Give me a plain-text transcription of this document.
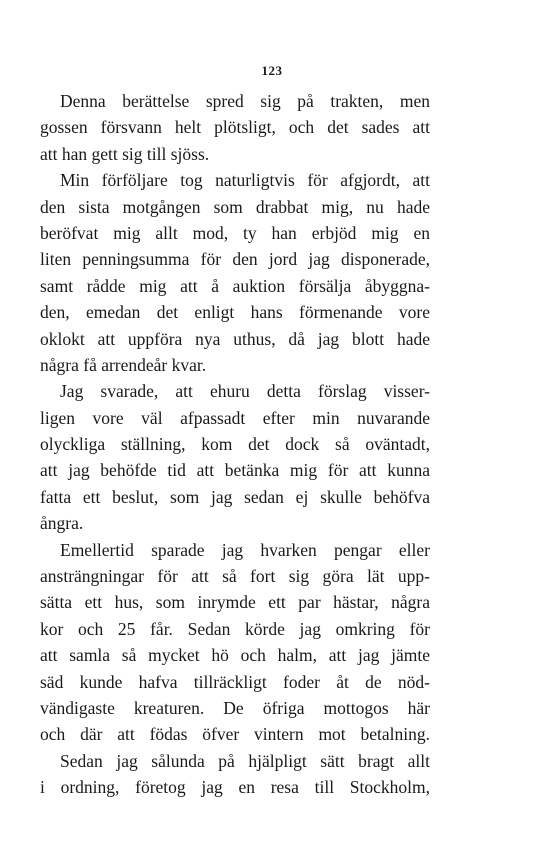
123
Denna berättelse spred sig på trakten, men
gossen försvann helt plötsligt, och det sades att
att han gett sig till sjöss.
Min förföljare tog naturligtvis för afgjordt, att
den sista motgången som drabbat mig, nu hade
beröfvat mig allt mod, ty han erbjöd mig en
liten penningsumma för den jord jag disponerade,
samt rådde mig att å auktion försälja åbyggna-
den, emedan det enligt hans förmenande vore
oklokt att uppföra nya uthus, då jag blott hade
några få arrendeår kvar.
Jag svarade, att ehuru detta förslag visser-
ligen vore väl afpassadt efter min nuvarande
olyckliga ställning, kom det dock så oväntadt,
att jag behöfde tid att betänka mig för att kunna
fatta ett beslut, som jag sedan ej skulle behöfva
ångra.
Emellertid sparade jag hvarken pengar eller
ansträngningar för att så fort sig göra lät upp-
sätta ett hus, som inrymde ett par hästar, några
kor och 25 får. Sedan körde jag omkring för
att samla så mycket hö och halm, att jag jämte
säd kunde hafva tillräckligt foder åt de nöd-
vändigaste kreaturen. De öfriga mottogos här
och där att födas öfver vintern mot betalning.
Sedan jag sålunda på hjälpligt sätt bragt allt
i ordning, företog jag en resa till Stockholm,
